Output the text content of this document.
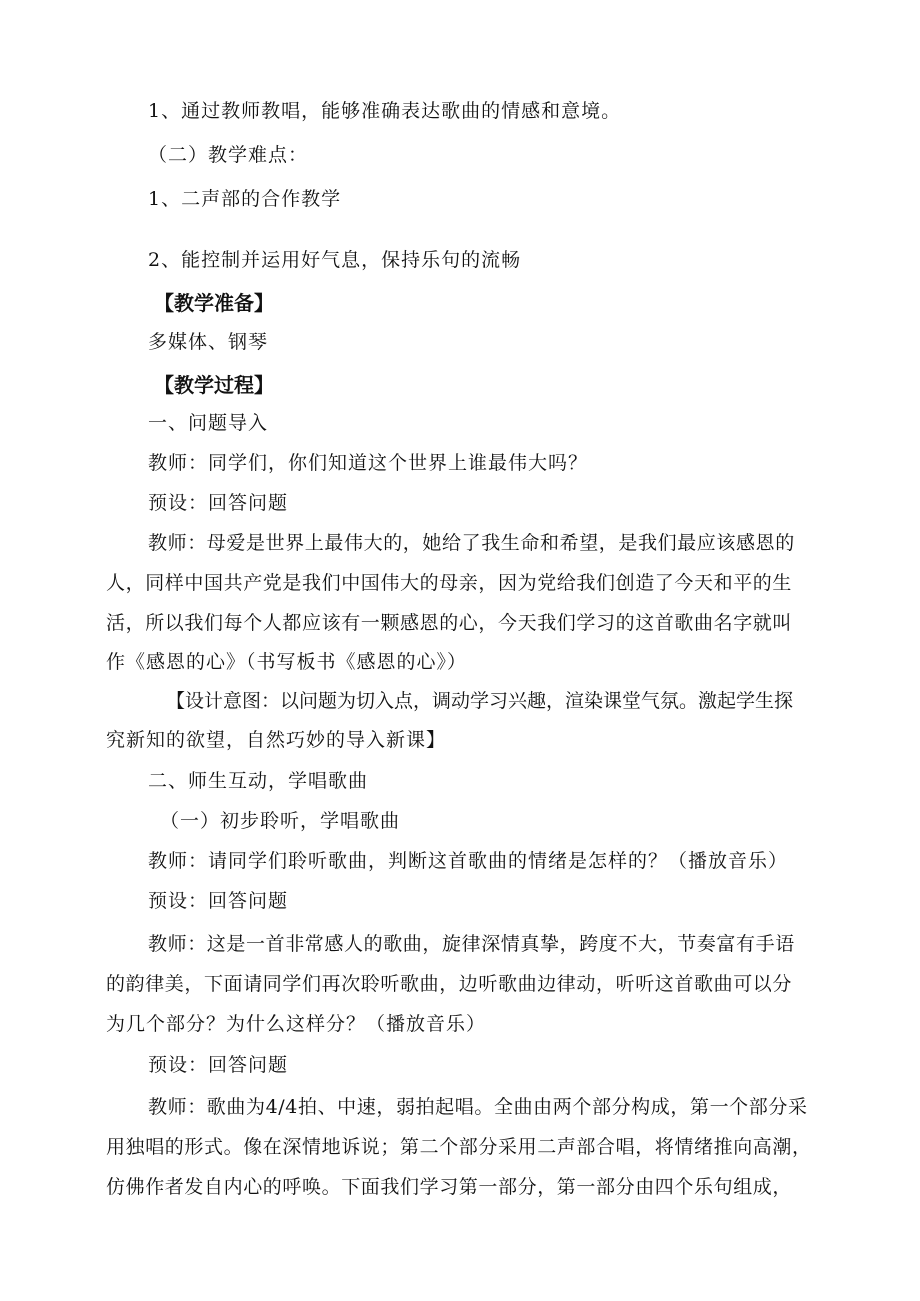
1、通过教师教唱，能够准确表达歌曲的情感和意境。
（二）教学难点：
1、二声部的合作教学
2、能控制并运用好气息，保持乐句的流畅
【教学准备】
多媒体、钢琴
【教学过程】
一、问题导入
教师：同学们，你们知道这个世界上谁最伟大吗？
预设：回答问题
教师：母爱是世界上最伟大的，她给了我生命和希望，是我们最应该感恩的
人，同样中国共产党是我们中国伟大的母亲，因为党给我们创造了今天和平的生
活，所以我们每个人都应该有一颗感恩的心，今天我们学习的这首歌曲名字就叫
作《感恩的心》（书写板书《感恩的心》）
【设计意图：以问题为切入点，调动学习兴趣，渲染课堂气氛。激起学生探
究新知的欲望，自然巧妙的导入新课】
二、师生互动，学唱歌曲
（一）初步聆听，学唱歌曲
教师：请同学们聆听歌曲，判断这首歌曲的情绪是怎样的？（播放音乐）
预设：回答问题
教师：这是一首非常感人的歌曲，旋律深情真挚，跨度不大，节奏富有手语
的韵律美，下面请同学们再次聆听歌曲，边听歌曲边律动，听听这首歌曲可以分
为几个部分？为什么这样分？（播放音乐）
预设：回答问题
教师：歌曲为4/4拍、中速，弱拍起唱。全曲由两个部分构成，第一个部分采
用独唱的形式。像在深情地诉说；第二个部分采用二声部合唱，将情绪推向高潮，
仿佛作者发自内心的呼唤。下面我们学习第一部分，第一部分由四个乐句组成，
